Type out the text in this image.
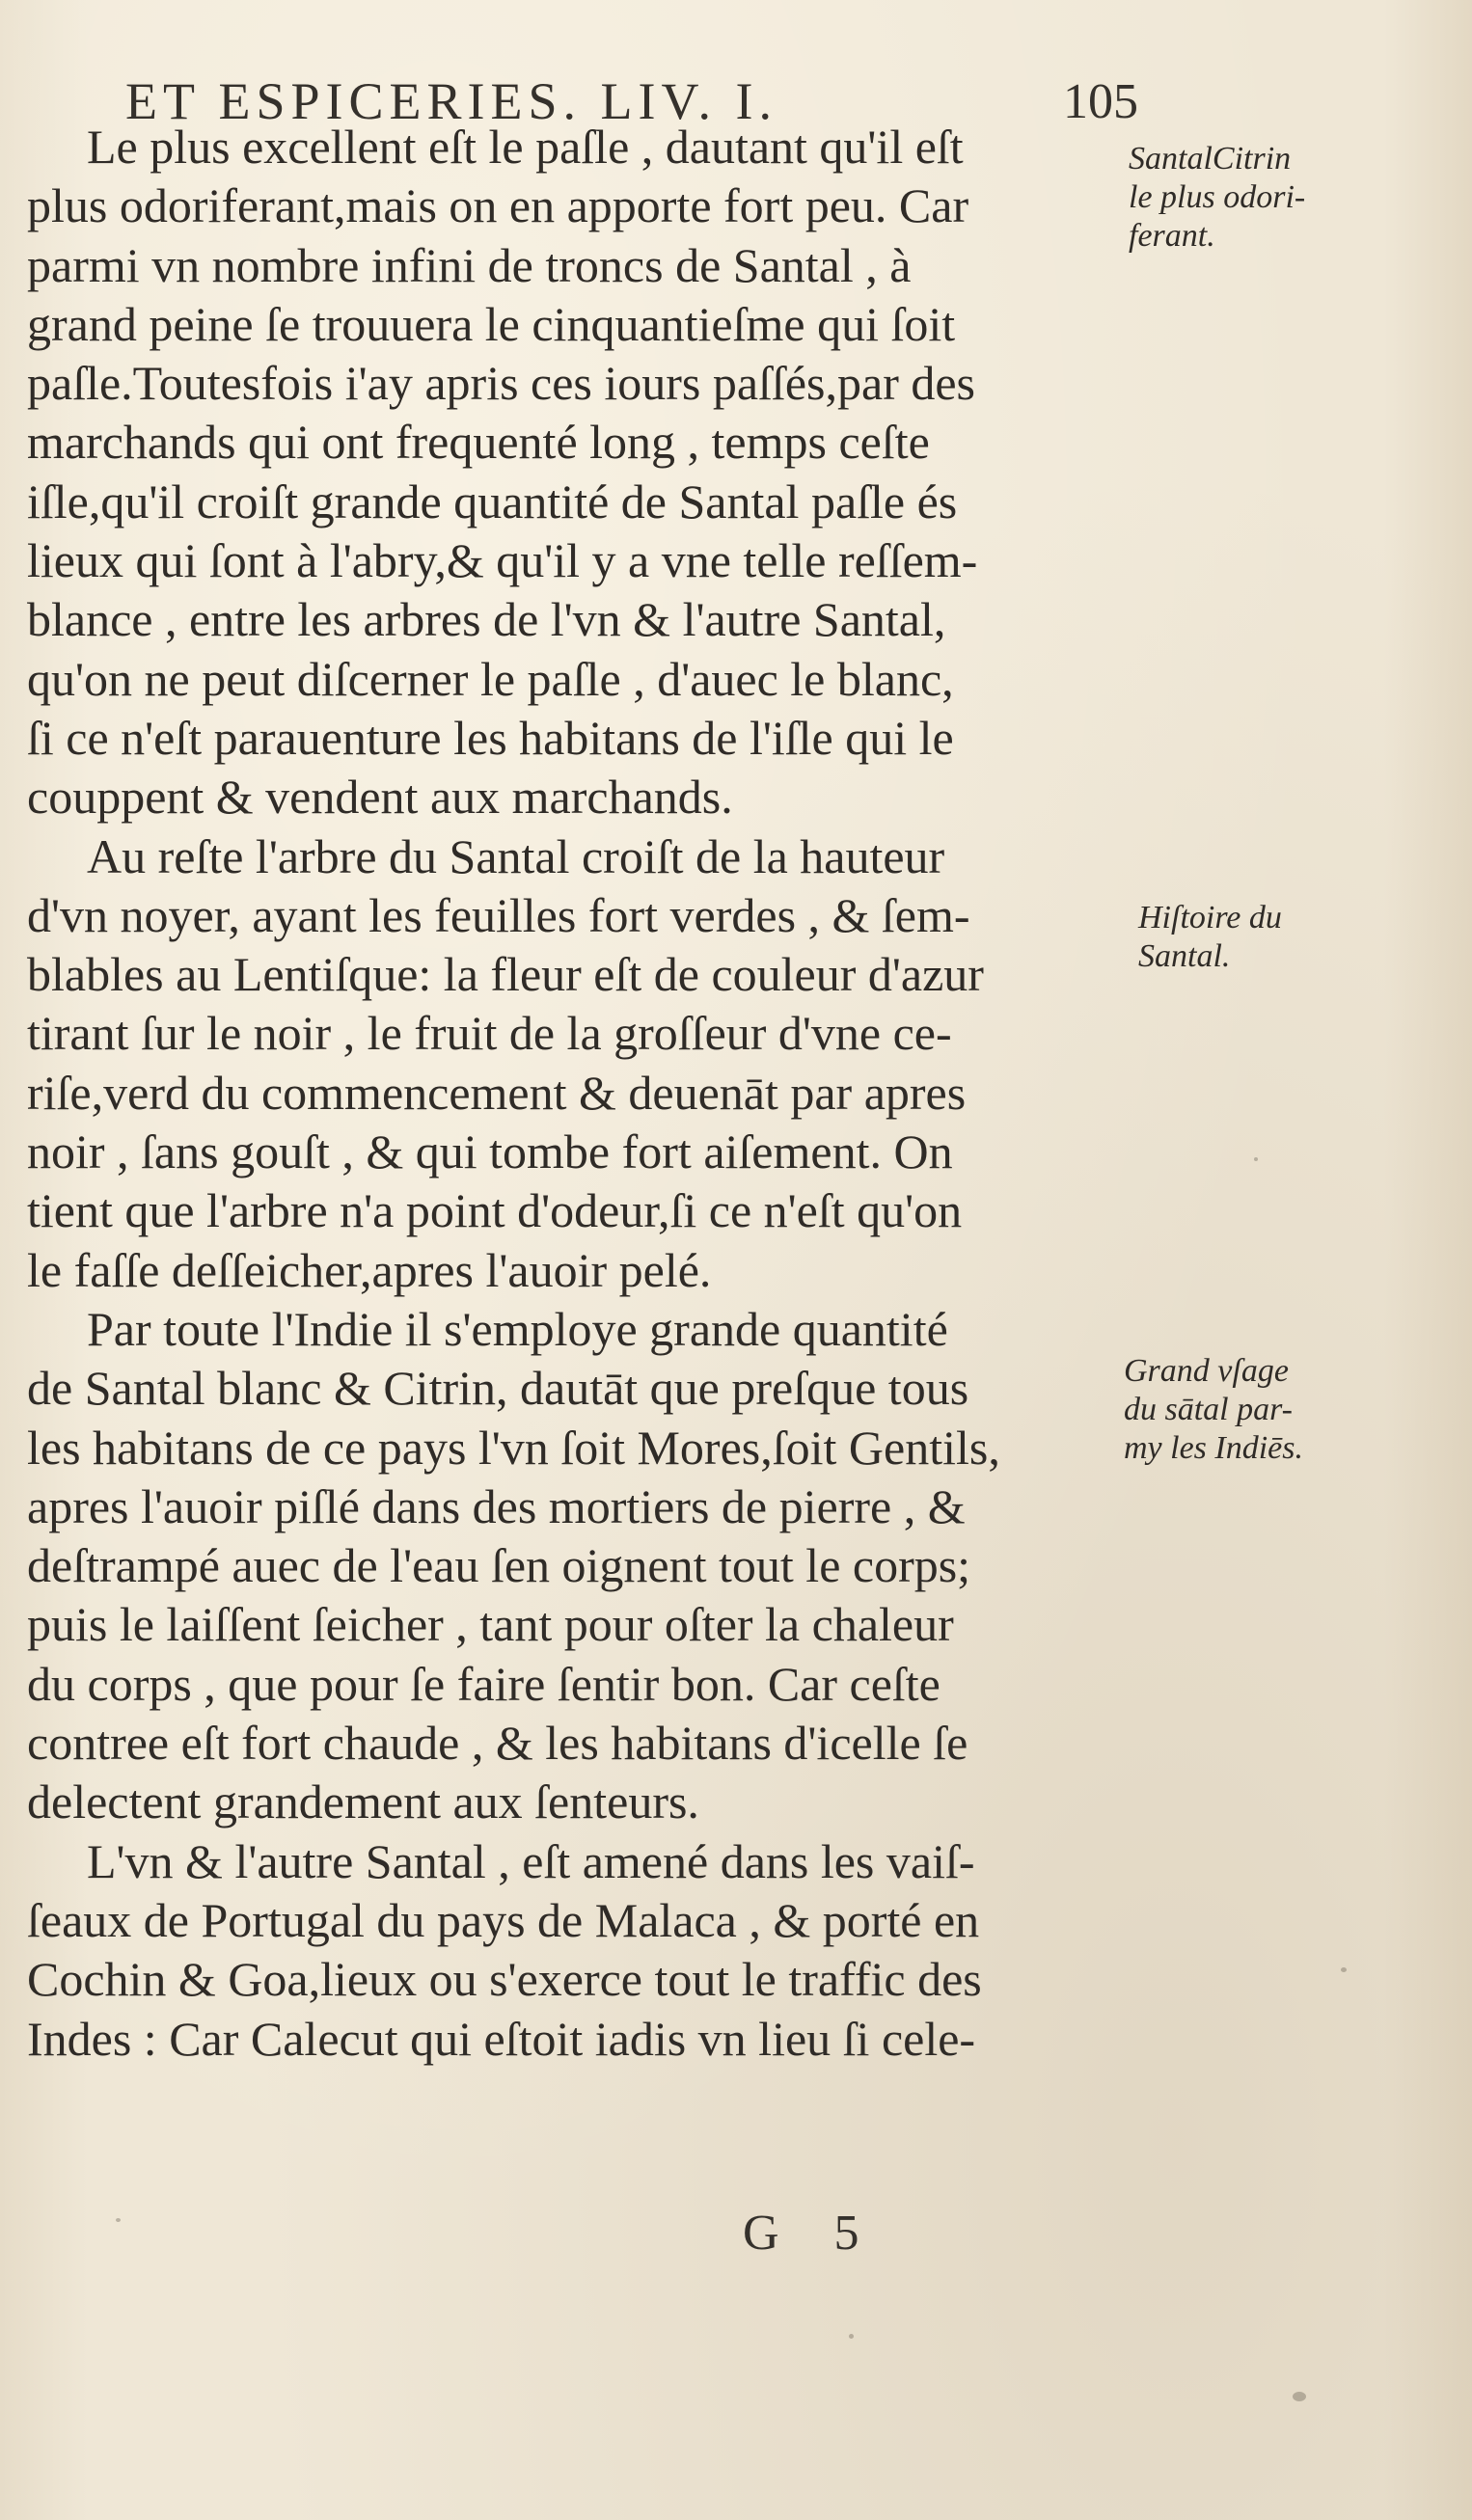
ET ESPICERIES. LIV. I.	105
Le plus excellent eſt le paſle , dautant qu'il eſt
plus odoriferant,mais on en apporte fort peu. Car
parmi vn nombre infini de troncs de Santal , à
grand peine ſe trouuera le cinquantieſme qui ſoit
paſle.Toutesfois i'ay apris ces iours paſſés,par des
marchands qui ont frequenté long , temps ceſte
iſle,qu'il croiſt grande quantité de Santal paſle és
lieux qui ſont à l'abry,& qu'il y a vne telle reſſem-
blance , entre les arbres de l'vn & l'autre Santal,
qu'on ne peut diſcerner le paſle , d'auec le blanc,
ſi ce n'eſt parauenture les habitans de l'iſle qui le
couppent & vendent aux marchands.
Au reſte l'arbre du Santal croiſt de la hauteur
d'vn noyer, ayant les feuilles fort verdes , & ſem-
blables au Lentiſque: la fleur eſt de couleur d'azur
tirant ſur le noir , le fruit de la groſſeur d'vne ce-
riſe,verd du commencement & deuenāt par apres
noir , ſans gouſt , & qui tombe fort aiſement. On
tient que l'arbre n'a point d'odeur,ſi ce n'eſt qu'on
le faſſe deſſeicher,apres l'auoir pelé.
Par toute l'Indie il s'employe grande quantité
de Santal blanc & Citrin, dautāt que preſque tous
les habitans de ce pays l'vn ſoit Mores,ſoit Gentils,
apres l'auoir piſlé dans des mortiers de pierre , &
deſtrampé auec de l'eau ſen oignent tout le corps;
puis le laiſſent ſeicher , tant pour oſter la chaleur
du corps , que pour ſe faire ſentir bon. Car ceſte
contree eſt fort chaude , & les habitans d'icelle ſe
delectent grandement aux ſenteurs.
L'vn & l'autre Santal , eſt amené dans les vaiſ-
ſeaux de Portugal du pays de Malaca , & porté en
Cochin & Goa,lieux ou s'exerce tout le traffic des
Indes : Car Calecut qui eſtoit iadis vn lieu ſi cele-
SantalCitrin
le plus odori-
ferant.
Hiſtoire du
Santal.
Grand vſage
du sātal par-
my les Indiēs.
G 5
